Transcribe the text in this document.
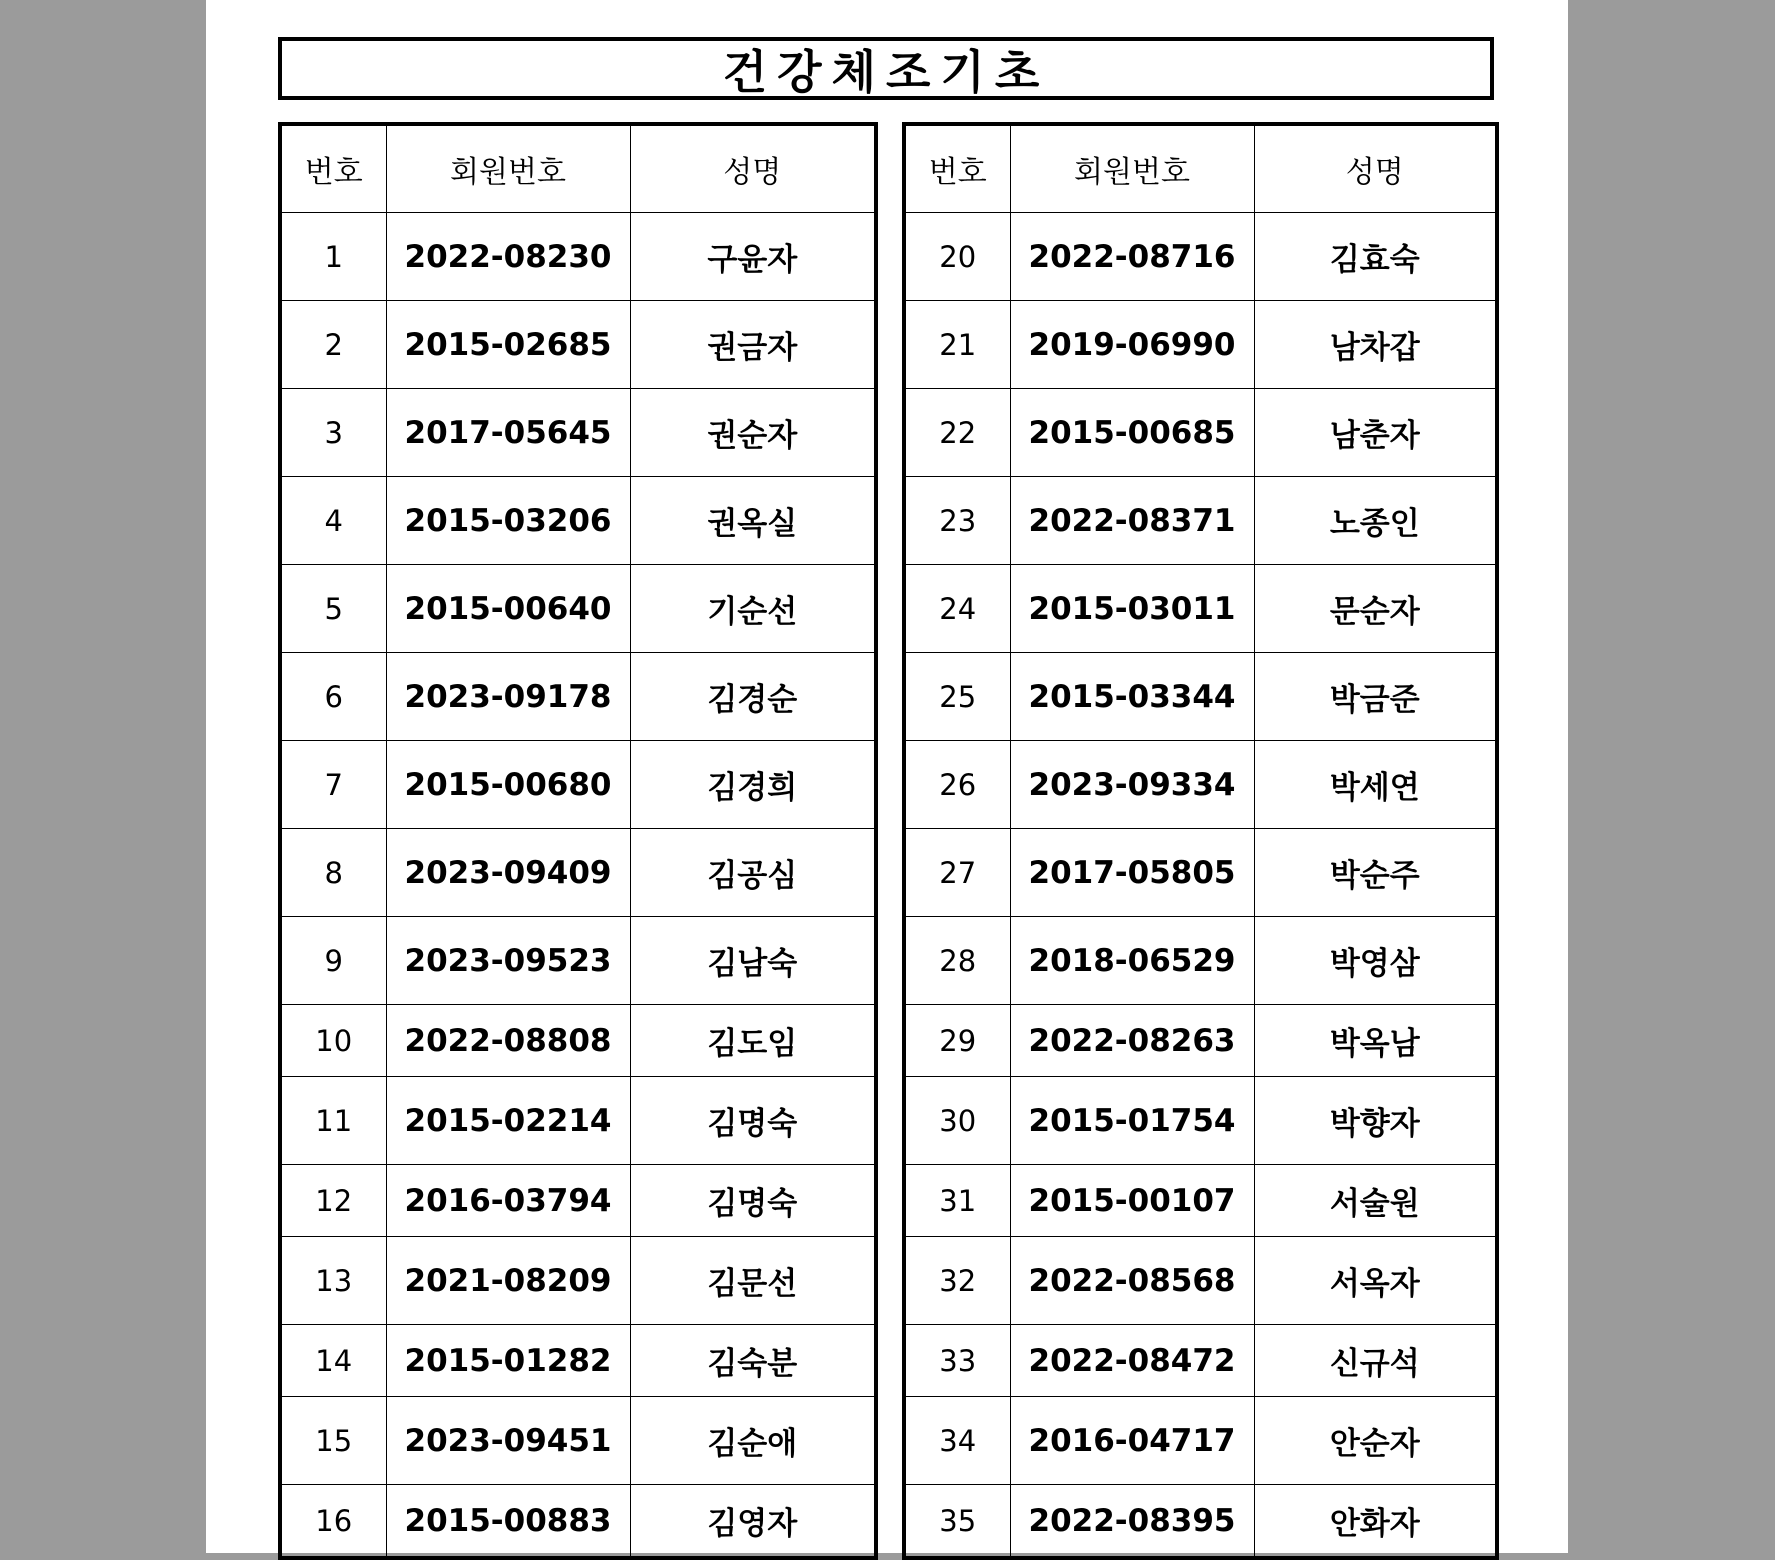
건강체조기초
번호	회원번호	성명
1	2022-08230	구윤자
2	2015-02685	권금자
3	2017-05645	권순자
4	2015-03206	권옥실
5	2015-00640	기순선
6	2023-09178	김경순
7	2015-00680	김경희
8	2023-09409	김공심
9	2023-09523	김남숙
10	2022-08808	김도임
11	2015-02214	김명숙
12	2016-03794	김명숙
13	2021-08209	김문선
14	2015-01282	김숙분
15	2023-09451	김순애
16	2015-00883	김영자
번호	회원번호	성명
20	2022-08716	김효숙
21	2019-06990	남차갑
22	2015-00685	남춘자
23	2022-08371	노종인
24	2015-03011	문순자
25	2015-03344	박금준
26	2023-09334	박세연
27	2017-05805	박순주
28	2018-06529	박영삼
29	2022-08263	박옥남
30	2015-01754	박향자
31	2015-00107	서술원
32	2022-08568	서옥자
33	2022-08472	신규석
34	2016-04717	안순자
35	2022-08395	안화자
